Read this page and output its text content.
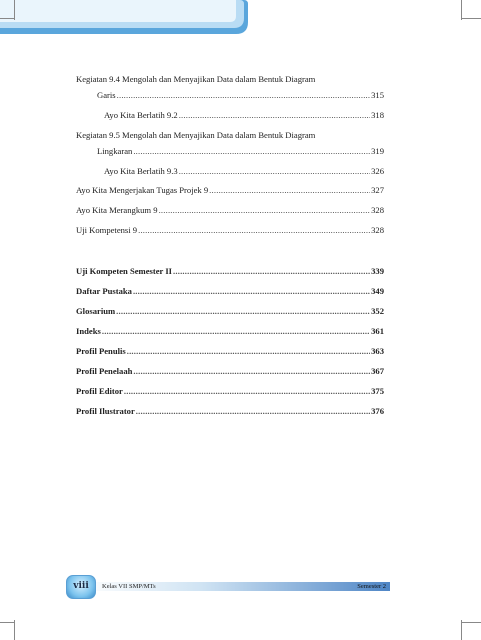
Kegiatan 9.4 Mengolah dan Menyajikan Data dalam Bentuk Diagram
Garis .....	315
Ayo Kita Berlatih 9.2 .....	318
Kegiatan 9.5 Mengolah dan Menyajikan Data dalam Bentuk Diagram
Lingkaran .....	319
Ayo Kita Berlatih 9.3 .....	326
Ayo Kita Mengerjakan Tugas Projek 9 .....	327
Ayo Kita Merangkum 9 .....	328
Uji Kompetensi 9 .....	328
Uji Kompeten Semester II .....	339
Daftar Pustaka .....	349
Glosarium .....	352
Indeks .....	361
Profil Penulis .....	363
Profil Penelaah .....	367
Profil Editor .....	375
Profil Ilustrator .....	376
viii	Kelas VII SMP/MTs	Semester 2
